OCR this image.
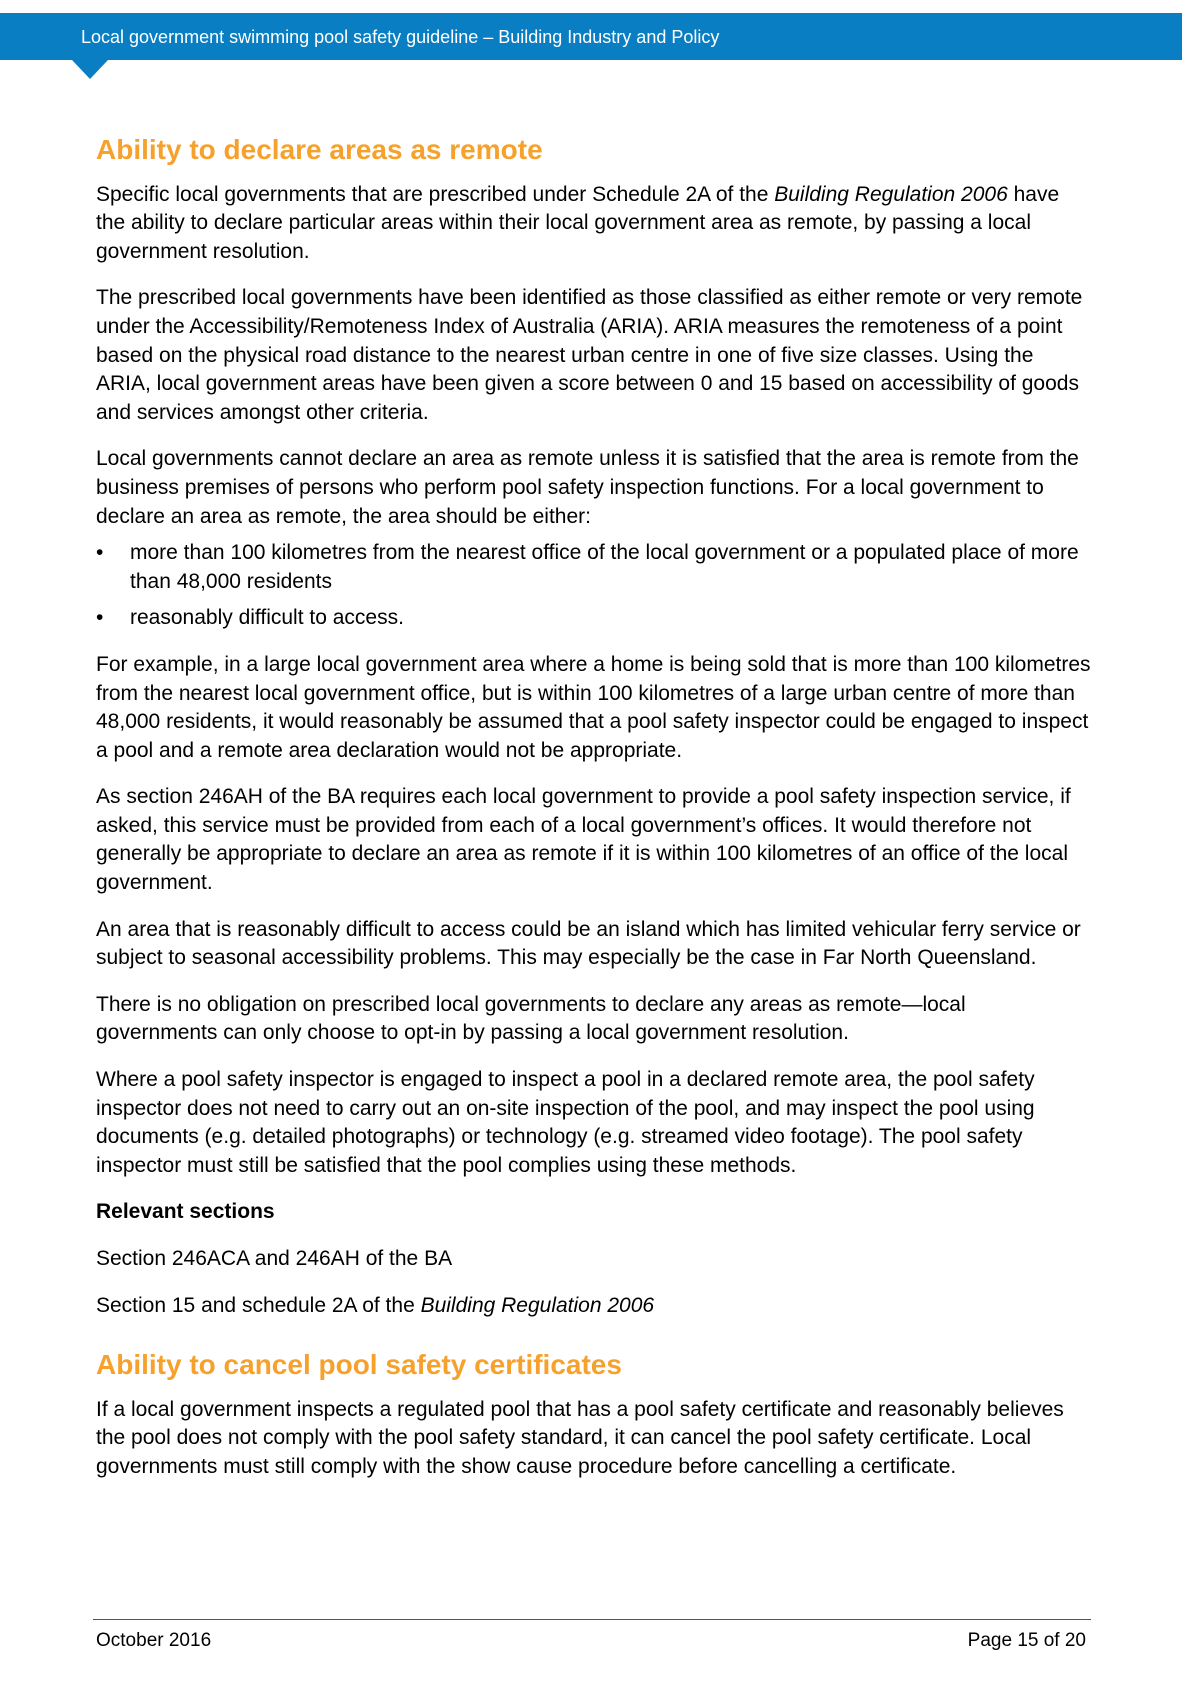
Local government swimming pool safety guideline – Building Industry and Policy
Ability to declare areas as remote

Specific local governments that are prescribed under Schedule 2A of the Building Regulation 2006 have the ability to declare particular areas within their local government area as remote, by passing a local government resolution.

The prescribed local governments have been identified as those classified as either remote or very remote under the Accessibility/Remoteness Index of Australia (ARIA). ARIA measures the remoteness of a point based on the physical road distance to the nearest urban centre in one of five size classes. Using the ARIA, local government areas have been given a score between 0 and 15 based on accessibility of goods and services amongst other criteria.

Local governments cannot declare an area as remote unless it is satisfied that the area is remote from the business premises of persons who perform pool safety inspection functions. For a local government to declare an area as remote, the area should be either:

• more than 100 kilometres from the nearest office of the local government or a populated place of more than 48,000 residents
• reasonably difficult to access.

For example, in a large local government area where a home is being sold that is more than 100 kilometres from the nearest local government office, but is within 100 kilometres of a large urban centre of more than 48,000 residents, it would reasonably be assumed that a pool safety inspector could be engaged to inspect a pool and a remote area declaration would not be appropriate.

As section 246AH of the BA requires each local government to provide a pool safety inspection service, if asked, this service must be provided from each of a local government’s offices. It would therefore not generally be appropriate to declare an area as remote if it is within 100 kilometres of an office of the local government.

An area that is reasonably difficult to access could be an island which has limited vehicular ferry service or subject to seasonal accessibility problems. This may especially be the case in Far North Queensland.

There is no obligation on prescribed local governments to declare any areas as remote—local governments can only choose to opt-in by passing a local government resolution.

Where a pool safety inspector is engaged to inspect a pool in a declared remote area, the pool safety inspector does not need to carry out an on-site inspection of the pool, and may inspect the pool using documents (e.g. detailed photographs) or technology (e.g. streamed video footage). The pool safety inspector must still be satisfied that the pool complies using these methods.

Relevant sections

Section 246ACA and 246AH of the BA

Section 15 and schedule 2A of the Building Regulation 2006

Ability to cancel pool safety certificates

If a local government inspects a regulated pool that has a pool safety certificate and reasonably believes the pool does not comply with the pool safety standard, it can cancel the pool safety certificate. Local governments must still comply with the show cause procedure before cancelling a certificate.

October 2016	Page 15 of 20
